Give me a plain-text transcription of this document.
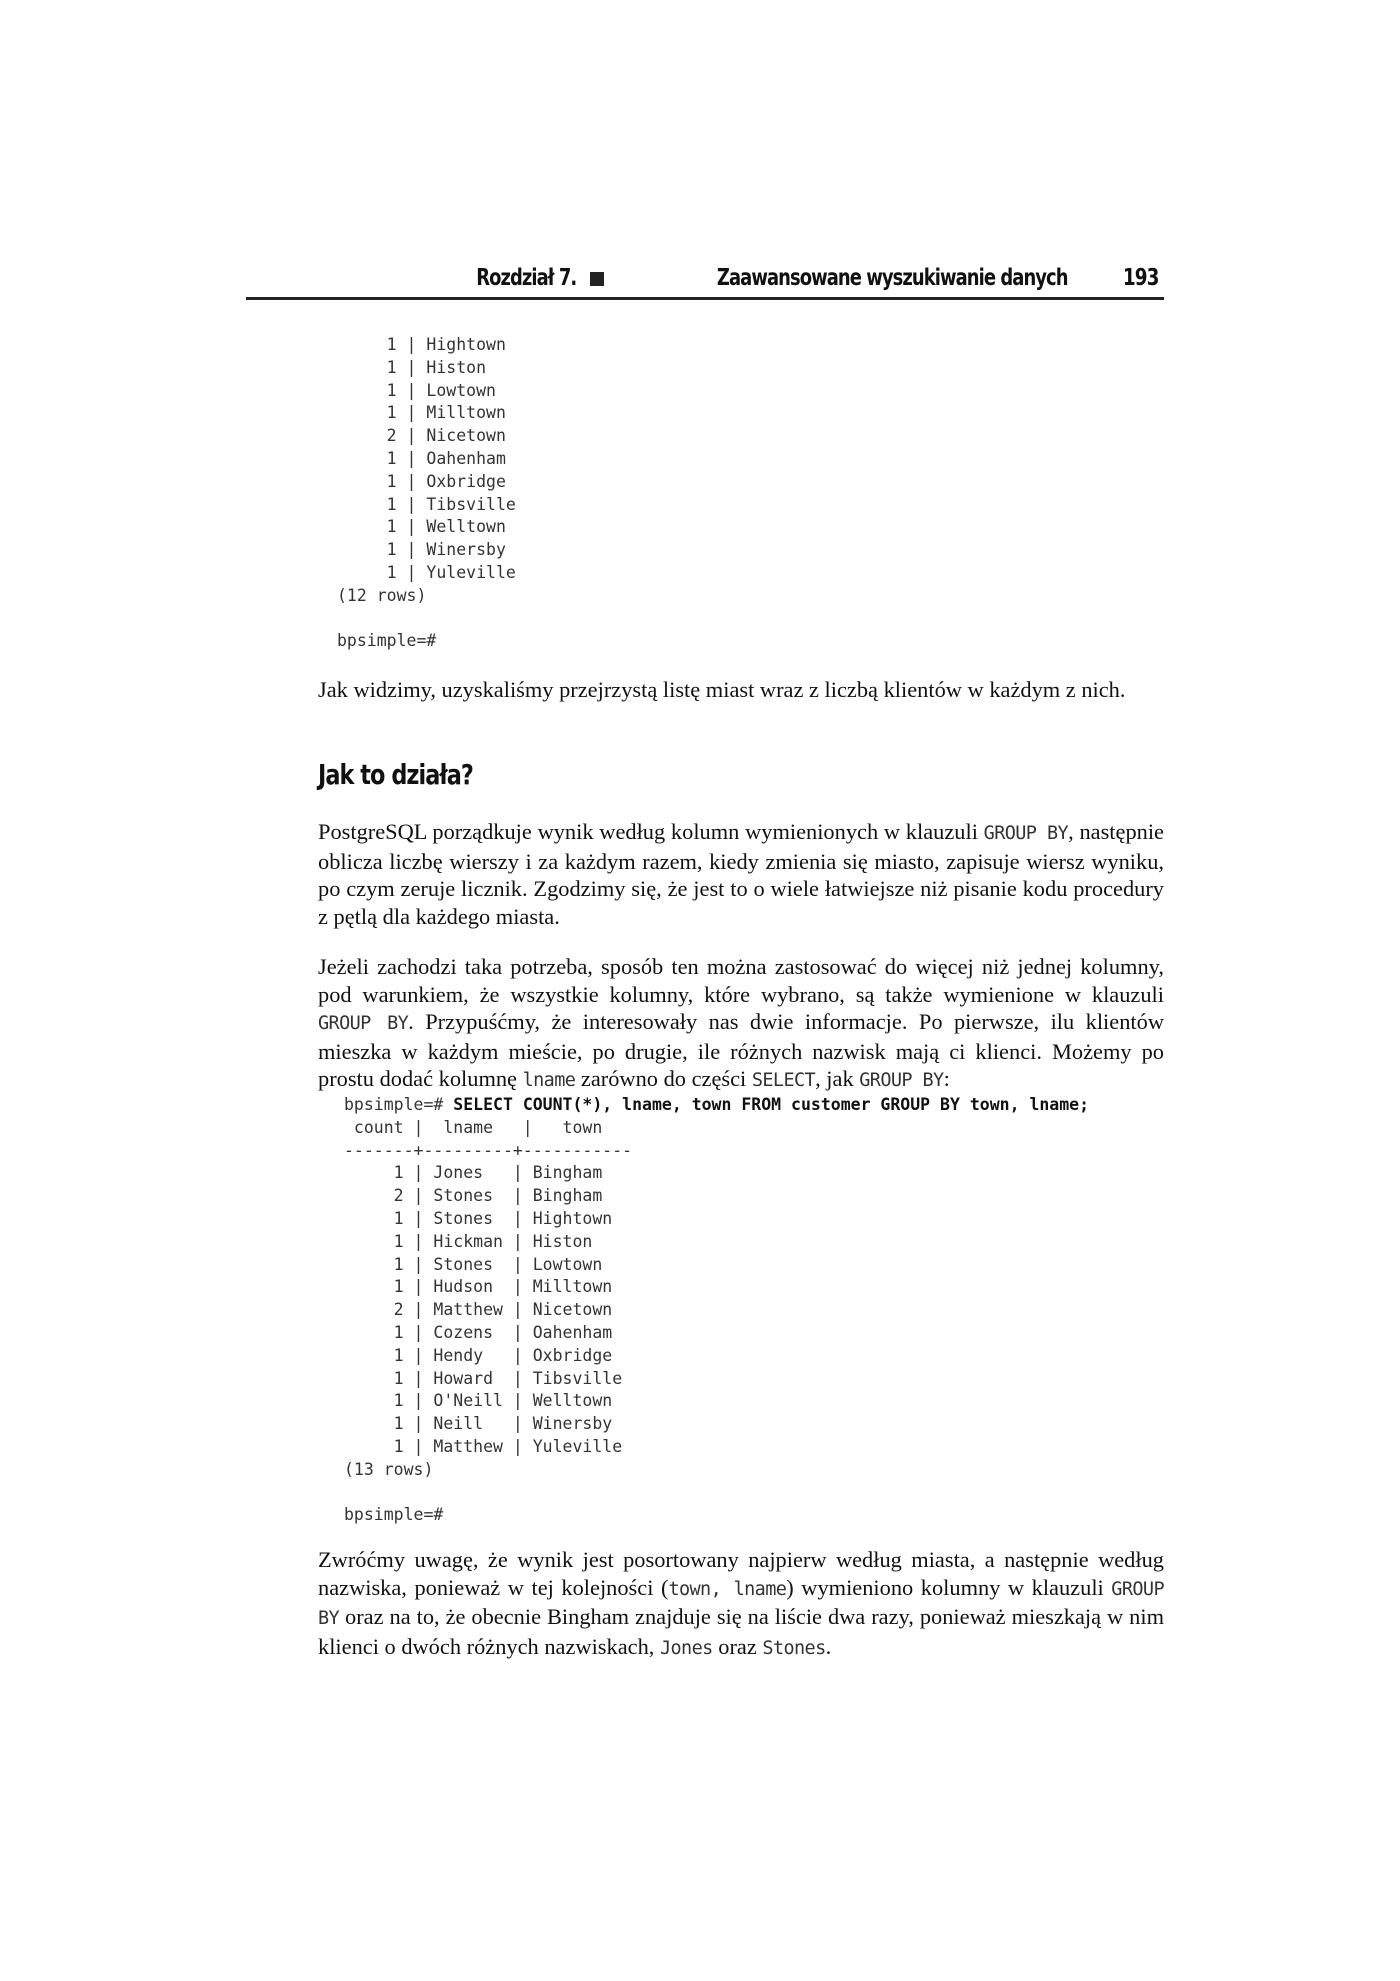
Rozdział 7.	Zaawansowane wyszukiwanie danych 193
1 | Hightown
1 | Histon
1 | Lowtown
1 | Milltown
2 | Nicetown
1 | Oahenham
1 | Oxbridge
1 | Tibsville
1 | Welltown
1 | Winersby
1 | Yuleville
(12 rows)
bpsimple=#

Jak widzimy, uzyskaliśmy przejrzystą listę miast wraz z liczbą klientów w każdym z nich.

Jak to działa?

PostgreSQL porządkuje wynik według kolumn wymienionych w klauzuli GROUP BY, następnie oblicza liczbę wierszy i za każdym razem, kiedy zmienia się miasto, zapisuje wiersz wyniku, po czym zeruje licznik. Zgodzimy się, że jest to o wiele łatwiejsze niż pisanie kodu procedury z pętlą dla każdego miasta.

Jeżeli zachodzi taka potrzeba, sposób ten można zastosować do więcej niż jednej kolumny, pod warunkiem, że wszystkie kolumny, które wybrano, są także wymienione w klauzuli GROUP BY. Przypuśćmy, że interesowały nas dwie informacje. Po pierwsze, ilu klientów mieszka w każdym mieście, po drugie, ile różnych nazwisk mają ci klienci. Możemy po prostu dodać kolumnę lname zarówno do części SELECT, jak GROUP BY:

bpsimple=# SELECT COUNT(*), lname, town FROM customer GROUP BY town, lname;
count |  lname   |   town
-------+---------+-----------
1 | Jones   | Bingham
2 | Stones  | Bingham
1 | Stones  | Hightown
1 | Hickman | Histon
1 | Stones  | Lowtown
1 | Hudson  | Milltown
2 | Matthew | Nicetown
1 | Cozens  | Oahenham
1 | Hendy   | Oxbridge
1 | Howard  | Tibsville
1 | O'Neill | Welltown
1 | Neill   | Winersby
1 | Matthew | Yuleville
(13 rows)
bpsimple=#

Zwróćmy uwagę, że wynik jest posortowany najpierw według miasta, a następnie według nazwiska, ponieważ w tej kolejności (town, lname) wymieniono kolumny w klauzuli GROUP BY oraz na to, że obecnie Bingham znajduje się na liście dwa razy, ponieważ mieszkają w nim klienci o dwóch różnych nazwiskach, Jones oraz Stones.
